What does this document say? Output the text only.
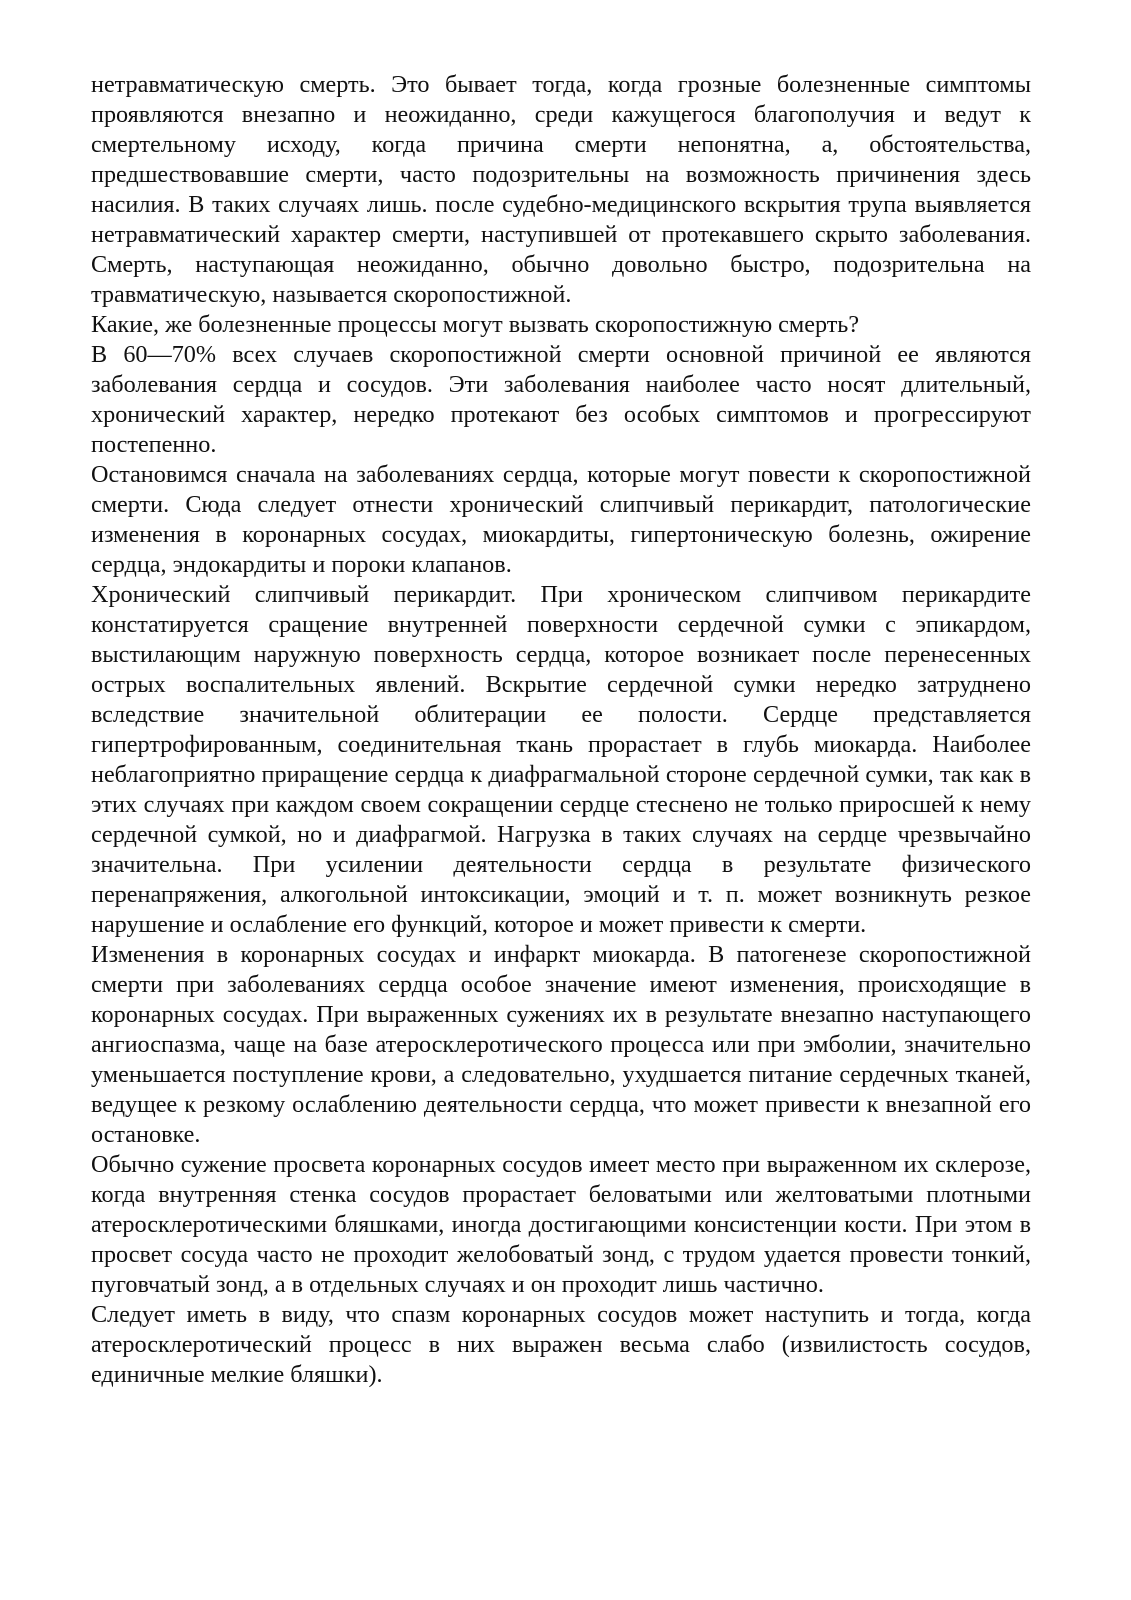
нетравматическую смерть. Это бывает тогда, когда грозные болезненные симптомы проявляются внезапно и неожиданно, среди кажущегося благополучия и ведут к смертельному исходу, когда причина смерти непонятна, а, обстоятельства, предшествовавшие смерти, часто подозрительны на возможность причинения здесь насилия. В таких случаях лишь. после судебно-медицинского вскрытия трупа выявляется нетравматический характер смерти, наступившей от протекавшего скрыто заболевания. Смерть, наступающая неожиданно, обычно довольно быстро, подозрительна на травматическую, называется скоропостижной.

Какие, же болезненные процессы могут вызвать скоропостижную смерть?

В 60—70% всех случаев скоропостижной смерти основной причиной ее являются заболевания сердца и сосудов. Эти заболевания наиболее часто носят длительный, хронический характер, нередко протекают без особых симптомов и прогрессируют постепенно.

Остановимся сначала на заболеваниях сердца, которые могут повести к скоропостижной смерти. Сюда следует отнести хронический слипчивый перикардит, патологические изменения в коронарных сосудах, миокардиты, гипертоническую болезнь, ожирение сердца, эндокардиты и пороки клапанов.

Хронический слипчивый перикардит. При хроническом слипчивом перикардите констатируется сращение внутренней поверхности сердечной сумки с эпикардом, выстилающим наружную поверхность сердца, которое возникает после перенесенных острых воспалительных явлений. Вскрытие сердечной сумки нередко затруднено вследствие значительной облитерации ее полости. Сердце представляется гипертрофированным, соединительная ткань прорастает в глубь миокарда. Наиболее неблагоприятно приращение сердца к диафрагмальной стороне сердечной сумки, так как в этих случаях при каждом своем сокращении сердце стеснено не только приросшей к нему сердечной сумкой, но и диафрагмой. Нагрузка в таких случаях на сердце чрезвычайно значительна. При усилении деятельности сердца в результате физического перенапряжения, алкогольной интоксикации, эмоций и т. п. может возникнуть резкое нарушение и ослабление его функций, которое и может привести к смерти.

Изменения в коронарных сосудах и инфаркт миокарда. В патогенезе скоропостижной смерти при заболеваниях сердца особое значение имеют изменения, происходящие в коронарных сосудах. При выраженных сужениях их в результате внезапно наступающего ангиоспазма, чаще на базе атеросклеротического процесса или при эмболии, значительно уменьшается поступление крови, а следовательно, ухудшается питание сердечных тканей, ведущее к резкому ослаблению деятельности сердца, что может привести к внезапной его остановке.

Обычно сужение просвета коронарных сосудов имеет место при выраженном их склерозе, когда внутренняя стенка сосудов прорастает беловатыми или желтоватыми плотными атеросклеротическими бляшками, иногда достигающими консистенции кости. При этом в просвет сосуда часто не проходит желобоватый зонд, с трудом удается провести тонкий, пуговчатый зонд, а в отдельных случаях и он проходит лишь частично.

Следует иметь в виду, что спазм коронарных сосудов может наступить и тогда, когда атеросклеротический процесс в них выражен весьма слабо (извилистость сосудов, единичные мелкие бляшки).
